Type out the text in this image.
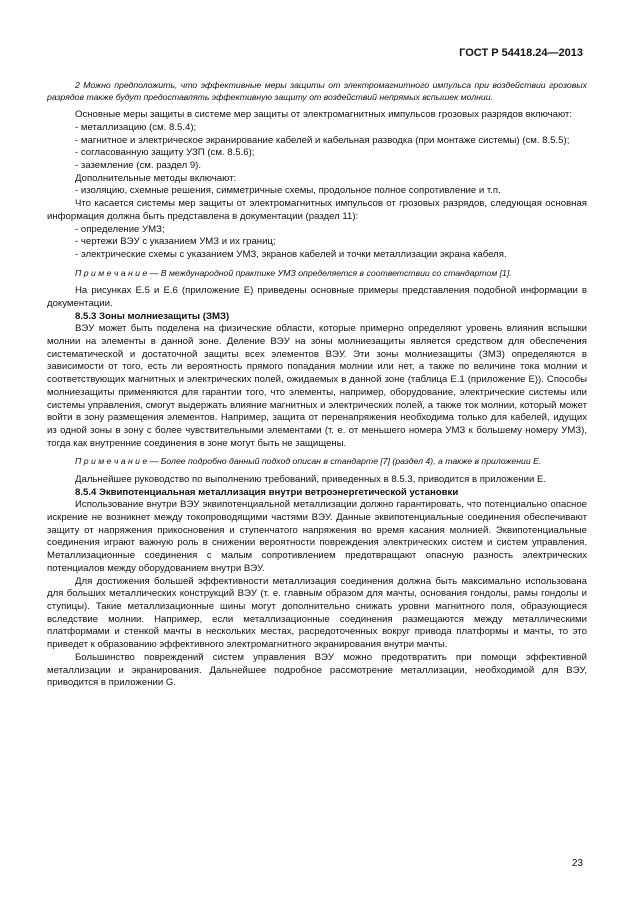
ГОСТ Р 54418.24—2013

2 Можно предположить, что эффективные меры защиты от электромагнитного импульса при воздействии грозовых разрядов также будут предоставлять эффективную защиту от воздействий непрямых вспышек молнии.

Основные меры защиты в системе мер защиты от электромагнитных импульсов грозовых разрядов включают:

- металлизацию (см. 8.5.4);

- магнитное и электрическое экранирование кабелей и кабельная разводка (при монтаже системы) (см. 8.5.5);

- согласованную защиту УЗП (см. 8.5.6);

- заземление (см. раздел 9).

Дополнительные методы включают:

- изоляцию, схемные решения, симметричные схемы, продольное полное сопротивление и т.п.

Что касается системы мер защиты от электромагнитных импульсов от грозовых разрядов, следующая основная информация должна быть представлена в документации (раздел 11):

- определение УМЗ;

- чертежи ВЭУ с указанием УМЗ и их границ;

- электрические схемы с указанием УМЗ, экранов кабелей и точки металлизации экрана кабеля.

П р и м е ч а н и е — В международной практике УМЗ определяется в соответствии со стандартом [1].

На рисунках Е.5 и Е.6 (приложение Е) приведены основные примеры представления подобной информации в документации.

8.5.3 Зоны молниезащиты (ЗМЗ)

ВЭУ может быть поделена на физические области, которые примерно определяют уровень влияния вспышки молнии на элементы в данной зоне. Деление ВЭУ на зоны молниезащиты является средством для обеспечения систематической и достаточной защиты всех элементов ВЭУ. Эти зоны молниезащиты (ЗМЗ) определяются в зависимости от того, есть ли вероятность прямого попадания молнии или нет, а также по величине тока молнии и соответствующих магнитных и электрических полей, ожидаемых в данной зоне (таблица Е.1 (приложение Е)). Способы молниезащиты применяются для гарантии того, что элементы, например, оборудование, электрические системы или системы управления, смогут выдержать влияние магнитных и электрических полей, а также ток молнии, который может войти в зону размещения элементов. Например, защита от перенапряжения необходима только для кабелей, идущих из одной зоны в зону с более чувствительными элементами (т. е. от меньшего номера УМЗ к большему номеру УМЗ), тогда как внутренние соединения в зоне могут быть не защищены.

П р и м е ч а н и е — Более подробно данный подход описан в стандарте [7] (раздел 4), а также в приложении Е.

Дальнейшее руководство по выполнению требований, приведенных в 8.5.3, приводится в приложении Е.

8.5.4 Эквипотенциальная металлизация внутри ветроэнергетической установки

Использование внутри ВЭУ эквипотенциальной металлизации должно гарантировать, что потенциально опасное искрение не возникнет между токопроводящими частями ВЭУ. Данные эквипотенциальные соединения обеспечивают защиту от напряжения прикосновения и ступенчатого напряжения во время касания молнией. Эквипотенциальные соединения играют важную роль в снижении вероятности повреждения электрических систем и систем управления. Металлизационные соединения с малым сопротивлением предотвращают опасную разность электрических потенциалов между оборудованием внутри ВЭУ.

Для достижения большей эффективности металлизация соединения должна быть максимально использована для больших металлических конструкций ВЭУ (т. е. главным образом для мачты, основания гондолы, рамы гондолы и ступицы). Такие металлизационные шины могут дополнительно снижать уровни магнитного поля, образующиеся вследствие молнии. Например, если металлизационные соединения размещаются между металлическими платформами и стенкой мачты в нескольких местах, расредоточенных вокруг привода платформы и мачты, то это приведет к образованию эффективного электромагнитного экранирования внутри мачты.

Большинство повреждений систем управления ВЭУ можно предотвратить при помощи эффективной металлизации и экранирования. Дальнейшее подробное рассмотрение металлизации, необходимой для ВЭУ, приводится в приложении G.

23
